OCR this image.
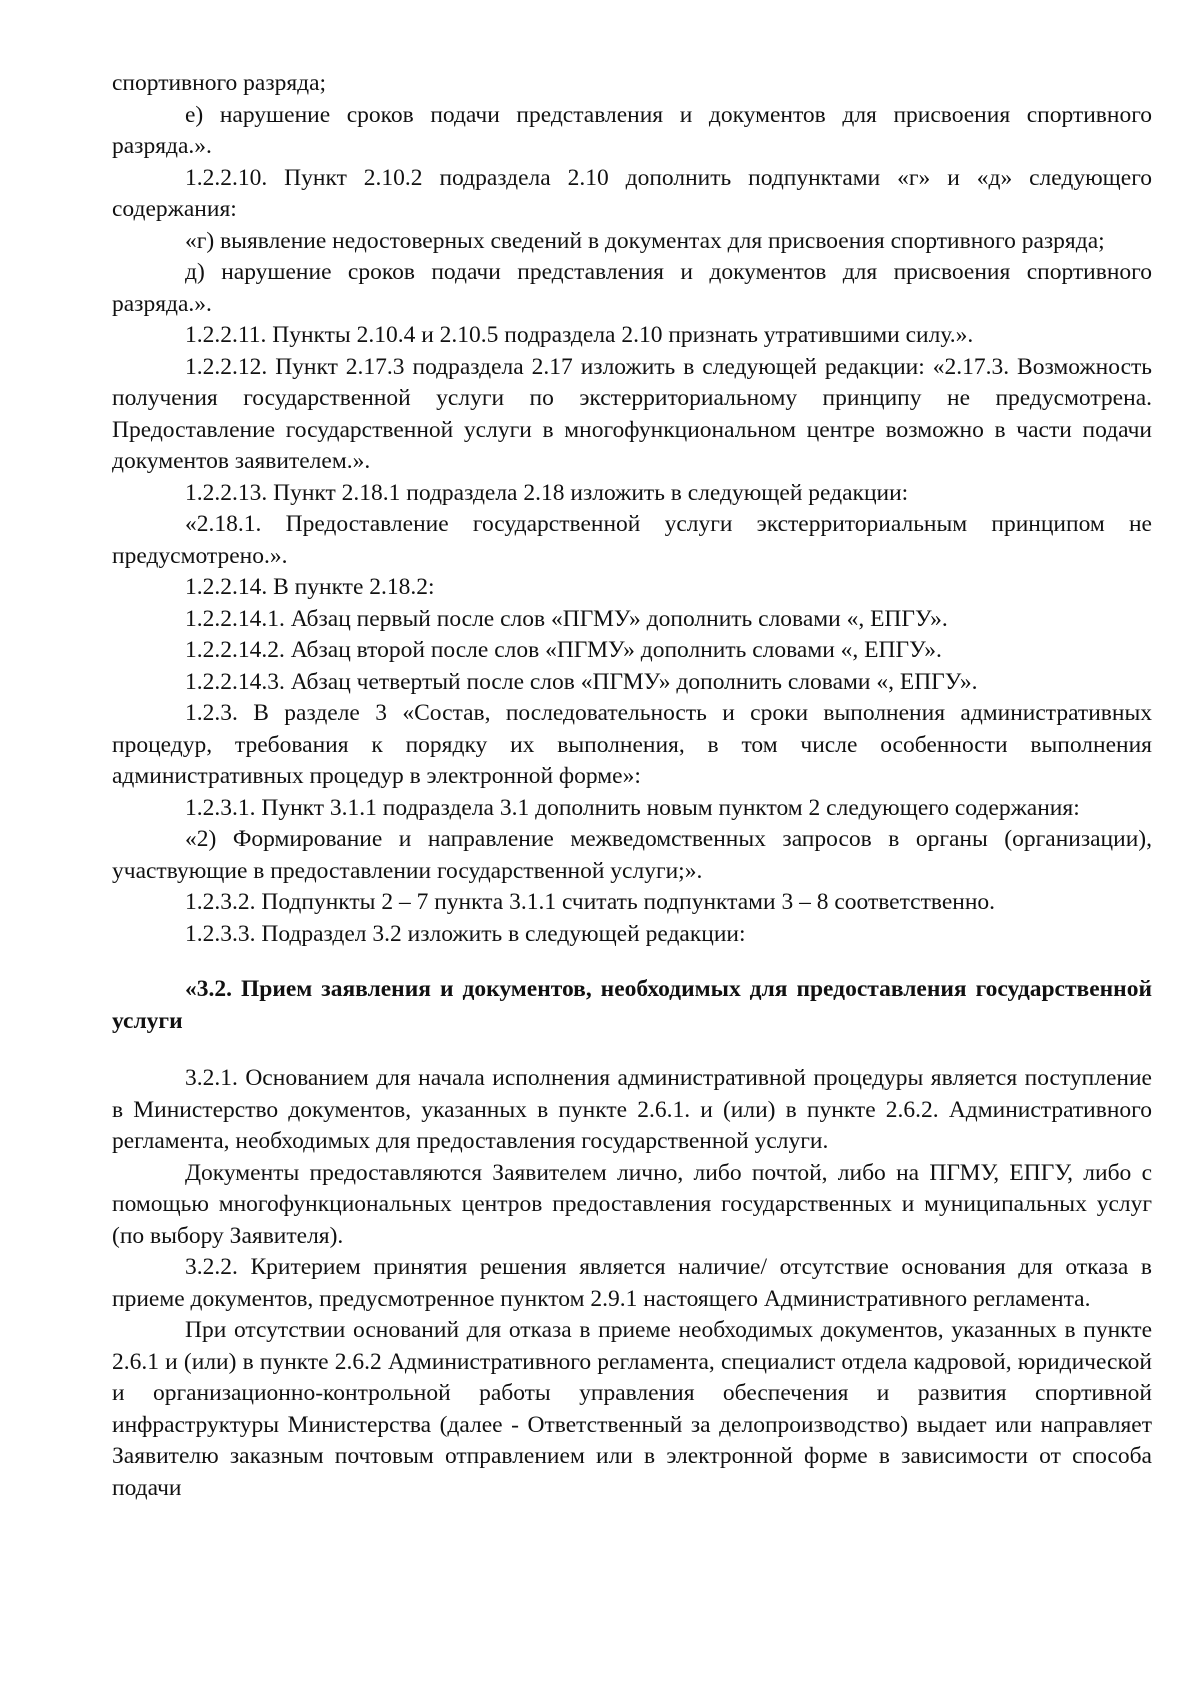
спортивного разряда;

е) нарушение сроков подачи представления и документов для присвоения спортивного разряда.».

1.2.2.10. Пункт 2.10.2 подраздела 2.10 дополнить подпунктами «г» и «д» следующего содержания:

«г) выявление недостоверных сведений в документах для присвоения спортивного разряда;

д) нарушение сроков подачи представления и документов для присвоения спортивного разряда.».

1.2.2.11. Пункты 2.10.4 и 2.10.5 подраздела 2.10 признать утратившими силу.».

1.2.2.12. Пункт 2.17.3 подраздела 2.17 изложить в следующей редакции: «2.17.3. Возможность получения государственной услуги по экстерриториальному принципу не предусмотрена. Предоставление государственной услуги в многофункциональном центре возможно в части подачи документов заявителем.».

1.2.2.13. Пункт 2.18.1 подраздела 2.18 изложить в следующей редакции:

«2.18.1. Предоставление государственной услуги экстерриториальным принципом не предусмотрено.».

1.2.2.14. В пункте 2.18.2:

1.2.2.14.1. Абзац первый после слов «ПГМУ» дополнить словами «, ЕПГУ».

1.2.2.14.2. Абзац второй после слов «ПГМУ» дополнить словами «, ЕПГУ».

1.2.2.14.3. Абзац четвертый после слов «ПГМУ» дополнить словами «, ЕПГУ».

1.2.3. В разделе 3 «Состав, последовательность и сроки выполнения административных процедур, требования к порядку их выполнения, в том числе особенности выполнения административных процедур в электронной форме»:

1.2.3.1. Пункт 3.1.1 подраздела 3.1 дополнить новым пунктом 2 следующего содержания:

«2) Формирование и направление межведомственных запросов в органы (организации), участвующие в предоставлении государственной услуги;».

1.2.3.2. Подпункты 2 – 7 пункта 3.1.1 считать подпунктами 3 – 8 соответственно.

1.2.3.3. Подраздел 3.2 изложить в следующей редакции:

«3.2. Прием заявления и документов, необходимых для предоставления государственной услуги

3.2.1. Основанием для начала исполнения административной процедуры является поступление в Министерство документов, указанных в пункте 2.6.1. и (или) в пункте 2.6.2. Административного регламента, необходимых для предоставления государственной услуги.

Документы предоставляются Заявителем лично, либо почтой, либо на ПГМУ, ЕПГУ, либо с помощью многофункциональных центров предоставления государственных и муниципальных услуг (по выбору Заявителя).

3.2.2. Критерием принятия решения является наличие/ отсутствие основания для отказа в приеме документов, предусмотренное пунктом 2.9.1 настоящего Административного регламента.

При отсутствии оснований для отказа в приеме необходимых документов, указанных в пункте 2.6.1 и (или) в пункте 2.6.2 Административного регламента, специалист отдела кадровой, юридической и организационно-контрольной работы управления обеспечения и развития спортивной инфраструктуры Министерства (далее - Ответственный за делопроизводство) выдает или направляет Заявителю заказным почтовым отправлением или в электронной форме в зависимости от способа подачи
